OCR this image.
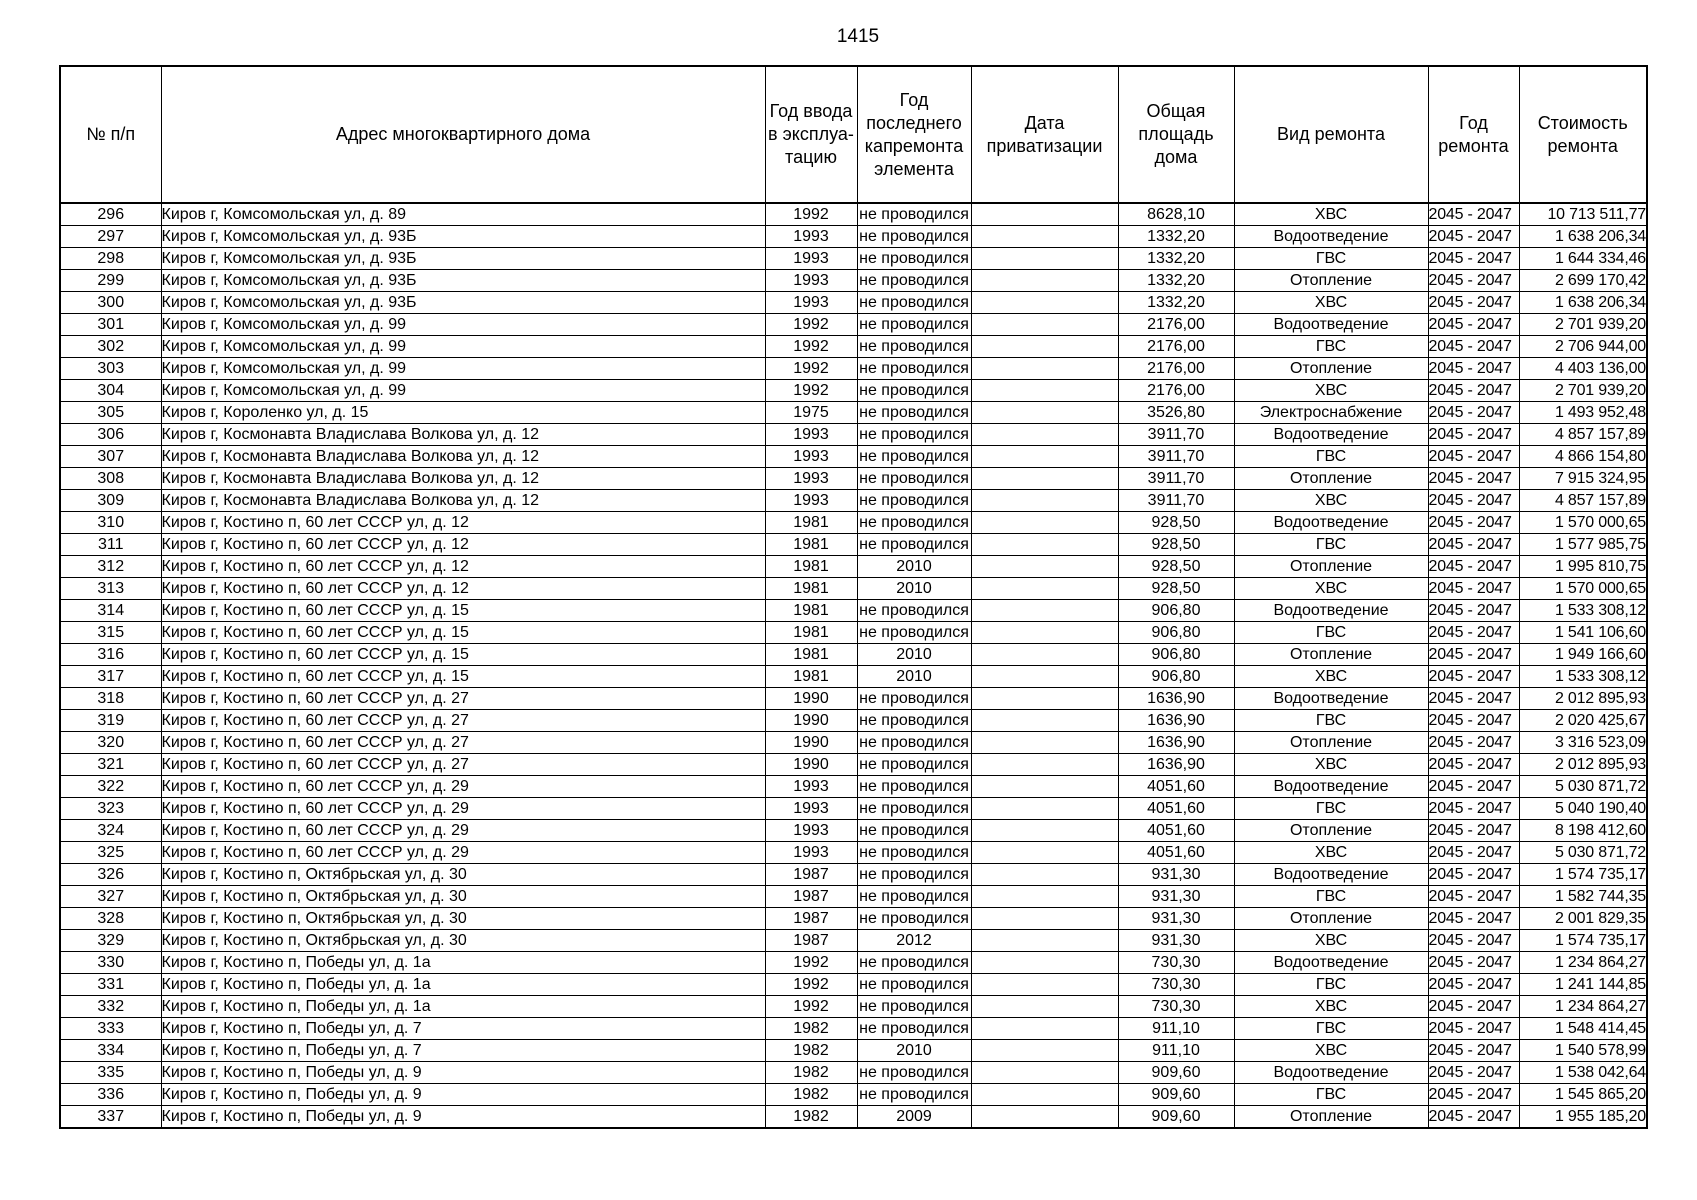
1415
№ п/п	Адрес многоквартирного дома	Год ввода в эксплуа-тацию	Год последнего капремонта элемента	Дата приватизации	Общая площадь дома	Вид ремонта	Год ремонта	Стоимость ремонта
296	Киров г, Комсомольская ул, д. 89	1992	не проводился		8628,10	ХВС	2045 - 2047	10 713 511,77
297	Киров г, Комсомольская ул, д. 93Б	1993	не проводился		1332,20	Водоотведение	2045 - 2047	1 638 206,34
298	Киров г, Комсомольская ул, д. 93Б	1993	не проводился		1332,20	ГВС	2045 - 2047	1 644 334,46
299	Киров г, Комсомольская ул, д. 93Б	1993	не проводился		1332,20	Отопление	2045 - 2047	2 699 170,42
300	Киров г, Комсомольская ул, д. 93Б	1993	не проводился		1332,20	ХВС	2045 - 2047	1 638 206,34
301	Киров г, Комсомольская ул, д. 99	1992	не проводился		2176,00	Водоотведение	2045 - 2047	2 701 939,20
302	Киров г, Комсомольская ул, д. 99	1992	не проводился		2176,00	ГВС	2045 - 2047	2 706 944,00
303	Киров г, Комсомольская ул, д. 99	1992	не проводился		2176,00	Отопление	2045 - 2047	4 403 136,00
304	Киров г, Комсомольская ул, д. 99	1992	не проводился		2176,00	ХВС	2045 - 2047	2 701 939,20
305	Киров г, Короленко ул, д. 15	1975	не проводился		3526,80	Электроснабжение	2045 - 2047	1 493 952,48
306	Киров г, Космонавта Владислава Волкова ул, д. 12	1993	не проводился		3911,70	Водоотведение	2045 - 2047	4 857 157,89
307	Киров г, Космонавта Владислава Волкова ул, д. 12	1993	не проводился		3911,70	ГВС	2045 - 2047	4 866 154,80
308	Киров г, Космонавта Владислава Волкова ул, д. 12	1993	не проводился		3911,70	Отопление	2045 - 2047	7 915 324,95
309	Киров г, Космонавта Владислава Волкова ул, д. 12	1993	не проводился		3911,70	ХВС	2045 - 2047	4 857 157,89
310	Киров г, Костино п, 60 лет СССР ул, д. 12	1981	не проводился		928,50	Водоотведение	2045 - 2047	1 570 000,65
311	Киров г, Костино п, 60 лет СССР ул, д. 12	1981	не проводился		928,50	ГВС	2045 - 2047	1 577 985,75
312	Киров г, Костино п, 60 лет СССР ул, д. 12	1981	2010		928,50	Отопление	2045 - 2047	1 995 810,75
313	Киров г, Костино п, 60 лет СССР ул, д. 12	1981	2010		928,50	ХВС	2045 - 2047	1 570 000,65
314	Киров г, Костино п, 60 лет СССР ул, д. 15	1981	не проводился		906,80	Водоотведение	2045 - 2047	1 533 308,12
315	Киров г, Костино п, 60 лет СССР ул, д. 15	1981	не проводился		906,80	ГВС	2045 - 2047	1 541 106,60
316	Киров г, Костино п, 60 лет СССР ул, д. 15	1981	2010		906,80	Отопление	2045 - 2047	1 949 166,60
317	Киров г, Костино п, 60 лет СССР ул, д. 15	1981	2010		906,80	ХВС	2045 - 2047	1 533 308,12
318	Киров г, Костино п, 60 лет СССР ул, д. 27	1990	не проводился		1636,90	Водоотведение	2045 - 2047	2 012 895,93
319	Киров г, Костино п, 60 лет СССР ул, д. 27	1990	не проводился		1636,90	ГВС	2045 - 2047	2 020 425,67
320	Киров г, Костино п, 60 лет СССР ул, д. 27	1990	не проводился		1636,90	Отопление	2045 - 2047	3 316 523,09
321	Киров г, Костино п, 60 лет СССР ул, д. 27	1990	не проводился		1636,90	ХВС	2045 - 2047	2 012 895,93
322	Киров г, Костино п, 60 лет СССР ул, д. 29	1993	не проводился		4051,60	Водоотведение	2045 - 2047	5 030 871,72
323	Киров г, Костино п, 60 лет СССР ул, д. 29	1993	не проводился		4051,60	ГВС	2045 - 2047	5 040 190,40
324	Киров г, Костино п, 60 лет СССР ул, д. 29	1993	не проводился		4051,60	Отопление	2045 - 2047	8 198 412,60
325	Киров г, Костино п, 60 лет СССР ул, д. 29	1993	не проводился		4051,60	ХВС	2045 - 2047	5 030 871,72
326	Киров г, Костино п, Октябрьская ул, д. 30	1987	не проводился		931,30	Водоотведение	2045 - 2047	1 574 735,17
327	Киров г, Костино п, Октябрьская ул, д. 30	1987	не проводился		931,30	ГВС	2045 - 2047	1 582 744,35
328	Киров г, Костино п, Октябрьская ул, д. 30	1987	не проводился		931,30	Отопление	2045 - 2047	2 001 829,35
329	Киров г, Костино п, Октябрьская ул, д. 30	1987	2012		931,30	ХВС	2045 - 2047	1 574 735,17
330	Киров г, Костино п, Победы ул, д. 1а	1992	не проводился		730,30	Водоотведение	2045 - 2047	1 234 864,27
331	Киров г, Костино п, Победы ул, д. 1а	1992	не проводился		730,30	ГВС	2045 - 2047	1 241 144,85
332	Киров г, Костино п, Победы ул, д. 1а	1992	не проводился		730,30	ХВС	2045 - 2047	1 234 864,27
333	Киров г, Костино п, Победы ул, д. 7	1982	не проводился		911,10	ГВС	2045 - 2047	1 548 414,45
334	Киров г, Костино п, Победы ул, д. 7	1982	2010		911,10	ХВС	2045 - 2047	1 540 578,99
335	Киров г, Костино п, Победы ул, д. 9	1982	не проводился		909,60	Водоотведение	2045 - 2047	1 538 042,64
336	Киров г, Костино п, Победы ул, д. 9	1982	не проводился		909,60	ГВС	2045 - 2047	1 545 865,20
337	Киров г, Костино п, Победы ул, д. 9	1982	2009		909,60	Отопление	2045 - 2047	1 955 185,20
